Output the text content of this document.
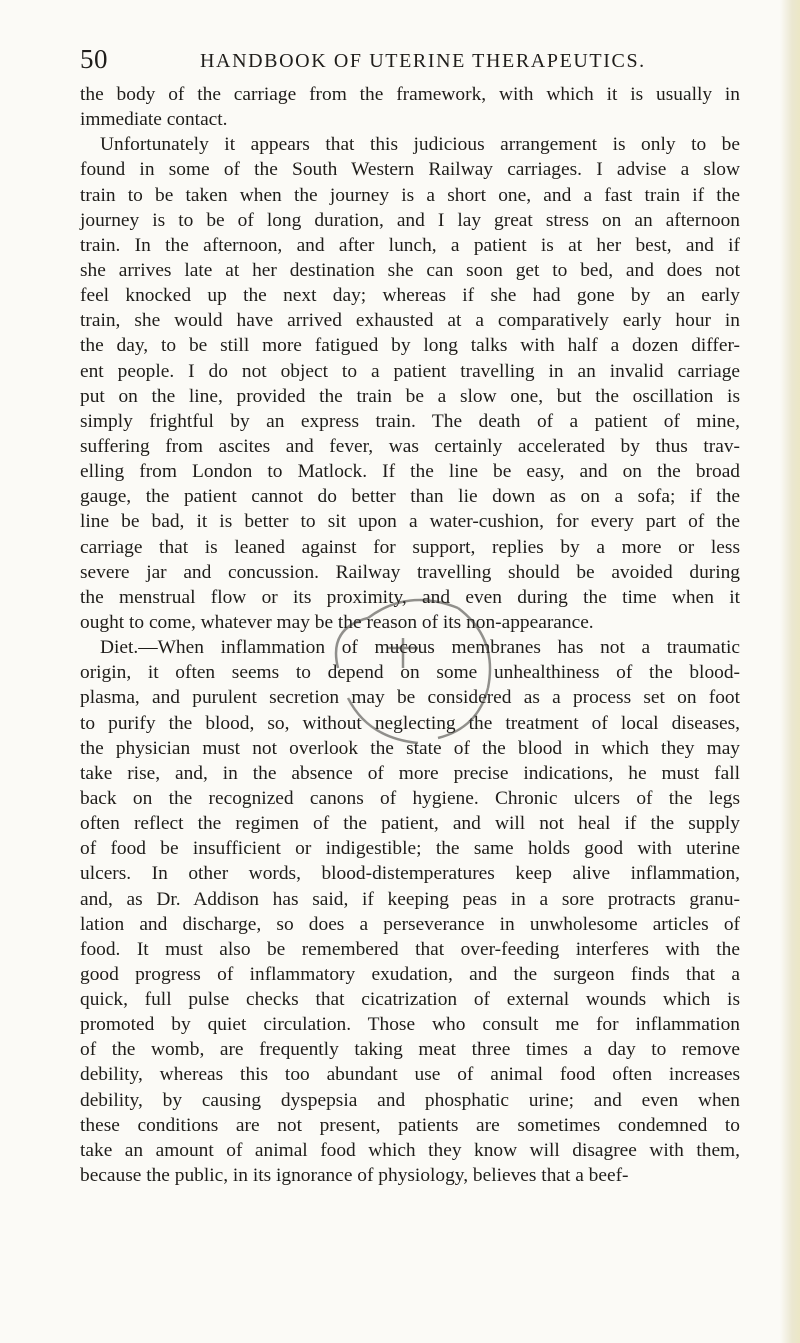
50	HANDBOOK OF UTERINE THERAPEUTICS.
the body of the carriage from the framework, with which it is usually in
immediate contact.
Unfortunately it appears that this judicious arrangement is only to be
found in some of the South Western Railway carriages. I advise a slow
train to be taken when the journey is a short one, and a fast train if the
journey is to be of long duration, and I lay great stress on an afternoon
train. In the afternoon, and after lunch, a patient is at her best, and if
she arrives late at her destination she can soon get to bed, and does not
feel knocked up the next day; whereas if she had gone by an early
train, she would have arrived exhausted at a comparatively early hour in
the day, to be still more fatigued by long talks with half a dozen differ-
ent people. I do not object to a patient travelling in an invalid carriage
put on the line, provided the train be a slow one, but the oscillation is
simply frightful by an express train. The death of a patient of mine,
suffering from ascites and fever, was certainly accelerated by thus trav-
elling from London to Matlock. If the line be easy, and on the broad
gauge, the patient cannot do better than lie down as on a sofa; if the
line be bad, it is better to sit upon a water-cushion, for every part of the
carriage that is leaned against for support, replies by a more or less
severe jar and concussion. Railway travelling should be avoided during
the menstrual flow or its proximity, and even during the time when it
ought to come, whatever may be the reason of its non-appearance.
Diet.—When inflammation of mucous membranes has not a traumatic
origin, it often seems to depend on some unhealthiness of the blood-
plasma, and purulent secretion may be considered as a process set on foot
to purify the blood, so, without neglecting the treatment of local diseases,
the physician must not overlook the state of the blood in which they may
take rise, and, in the absence of more precise indications, he must fall
back on the recognized canons of hygiene. Chronic ulcers of the legs
often reflect the regimen of the patient, and will not heal if the supply
of food be insufficient or indigestible; the same holds good with uterine
ulcers. In other words, blood-distemperatures keep alive inflammation,
and, as Dr. Addison has said, if keeping peas in a sore protracts granu-
lation and discharge, so does a perseverance in unwholesome articles of
food. It must also be remembered that over-feeding interferes with the
good progress of inflammatory exudation, and the surgeon finds that a
quick, full pulse checks that cicatrization of external wounds which is
promoted by quiet circulation. Those who consult me for inflammation
of the womb, are frequently taking meat three times a day to remove
debility, whereas this too abundant use of animal food often increases
debility, by causing dyspepsia and phosphatic urine; and even when
these conditions are not present, patients are sometimes condemned to
take an amount of animal food which they know will disagree with them,
because the public, in its ignorance of physiology, believes that a beef-
